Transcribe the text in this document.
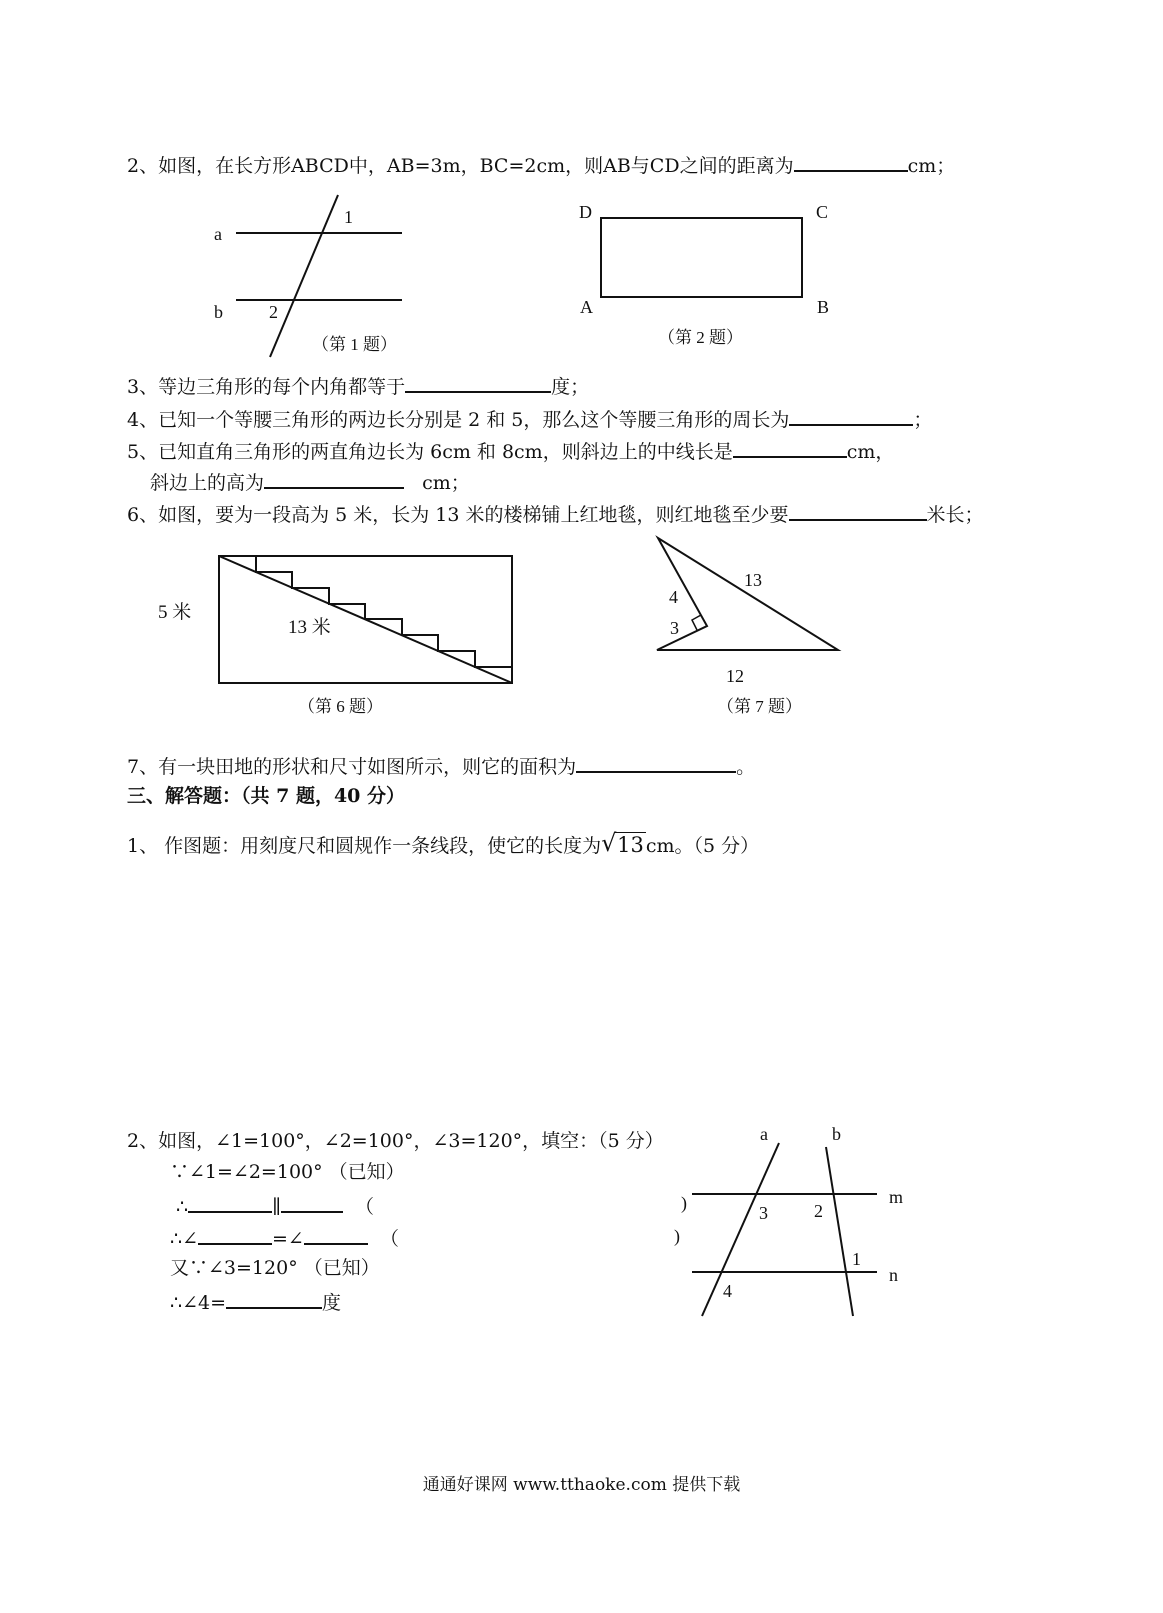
2、如图，在长方形ABCD中，AB=3m，BC=2cm，则AB与CD之间的距离为	cm；
a
b
1
2
（第 1 题）
D	C
A	B
（第 2 题）
5 米
13 米
（第 6 题）
13
4
3
12
（第 7 题）
a	b
m
n
3	2
1
4
)
)
3、等边三角形的每个内角都等于	度；
4、已知一个等腰三角形的两边长分别是 2 和 5，那么这个等腰三角形的周长为	；
5、已知直角三角形的两直角边长为 6cm 和 8cm，则斜边上的中线长是	cm，
斜边上的高为	cm；
6、如图，要为一段高为 5 米，长为 13 米的楼梯铺上红地毯，则红地毯至少要	米长；
7、有一块田地的形状和尺寸如图所示，则它的面积为	。
三、解答题：（共 7 题，40 分）
1、 作图题：用刻度尺和圆规作一条线段，使它的长度为 √ 13 cm。（5 分）
2、如图，∠1=100°，∠2=100°，∠3=120°，填空：（5 分）
∵∠1=∠2=100° （已知）
∴	∥	（
∴∠	=∠	（
又∵∠3=120° （已知）
∴∠4=	度
通通好课网 www.tthaoke.com 提供下载
